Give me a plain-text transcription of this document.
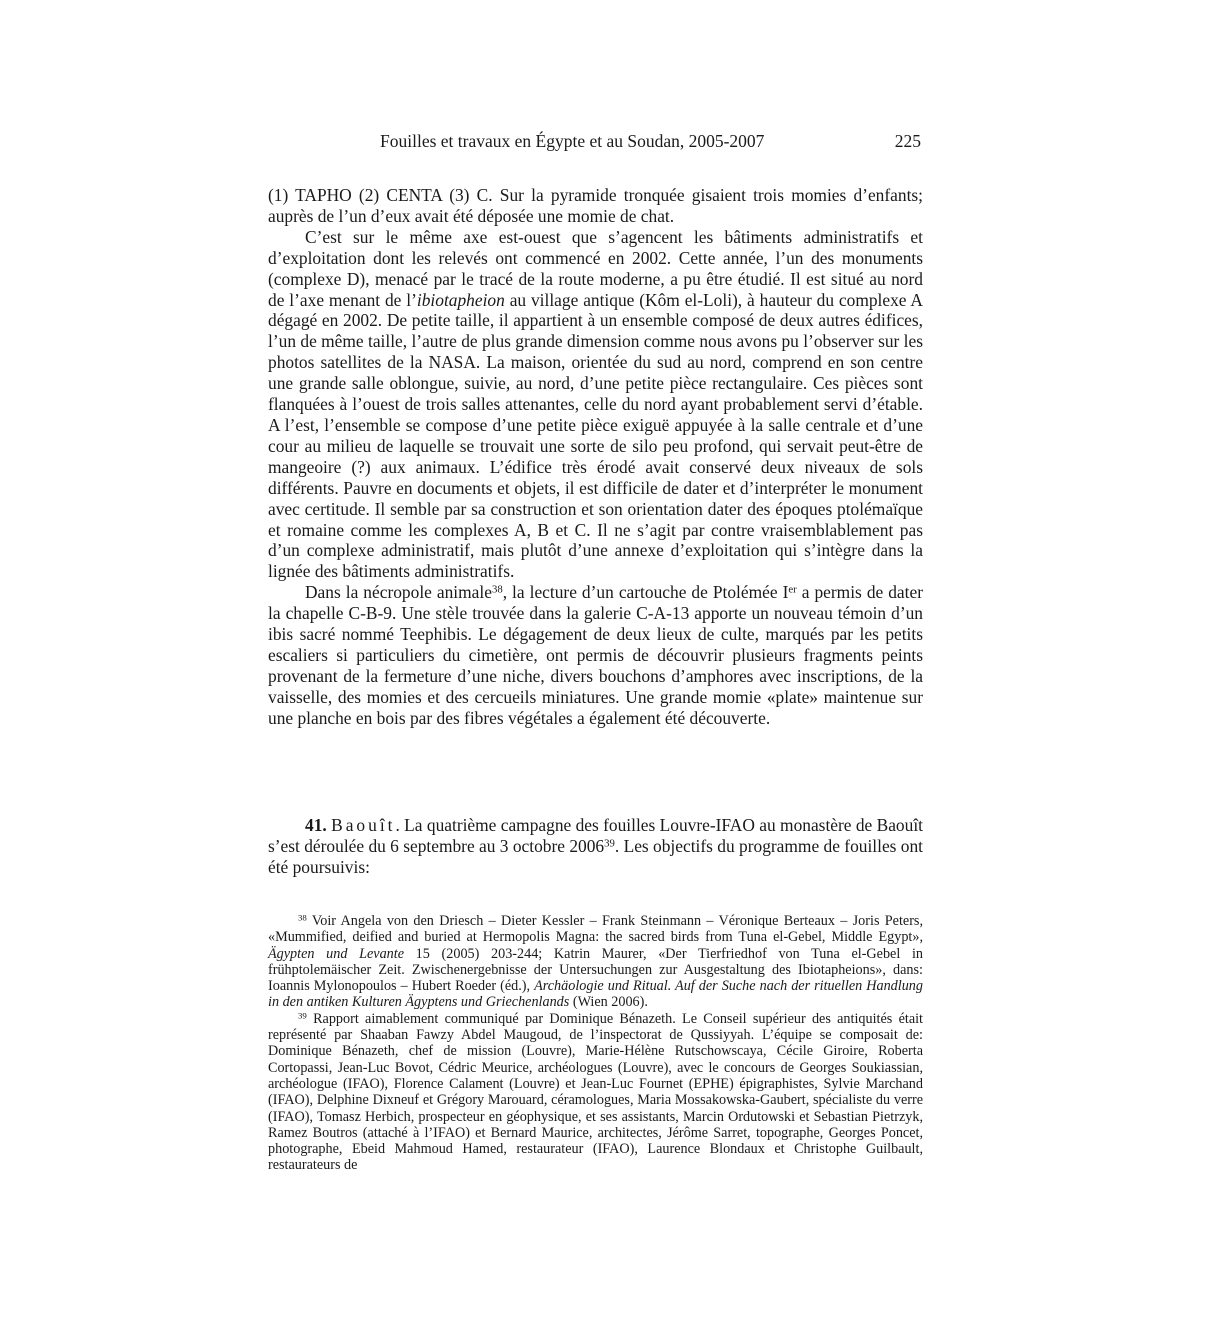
Fouilles et travaux en Égypte et au Soudan, 2005-2007	225

(1) TAPHO (2) CENTA (3) C. Sur la pyramide tronquée gisaient trois momies d’enfants; auprès de l’un d’eux avait été déposée une momie de chat.

C’est sur le même axe est-ouest que s’agencent les bâtiments administratifs et d’exploitation dont les relevés ont commencé en 2002. Cette année, l’un des monuments (complexe D), menacé par le tracé de la route moderne, a pu être étudié. Il est situé au nord de l’axe menant de l’ibiotapheion au village antique (Kôm el-Loli), à hauteur du complexe A dégagé en 2002. De petite taille, il appartient à un ensemble composé de deux autres édifices, l’un de même taille, l’autre de plus grande dimension comme nous avons pu l’observer sur les photos satellites de la NASA. La maison, orientée du sud au nord, comprend en son centre une grande salle oblongue, suivie, au nord, d’une petite pièce rectangulaire. Ces pièces sont flanquées à l’ouest de trois salles attenantes, celle du nord ayant probablement servi d’étable. A l’est, l’ensemble se compose d’une petite pièce exiguë appuyée à la salle centrale et d’une cour au milieu de laquelle se trouvait une sorte de silo peu profond, qui servait peut-être de mangeoire (?) aux animaux. L’édifice très érodé avait conservé deux niveaux de sols différents. Pauvre en documents et objets, il est difficile de dater et d’interpréter le monument avec certitude. Il semble par sa construction et son orientation dater des époques ptolémaïque et romaine comme les complexes A, B et C. Il ne s’agit par contre vraisemblablement pas d’un complexe administratif, mais plutôt d’une annexe d’exploitation qui s’intègre dans la lignée des bâtiments administratifs.

Dans la nécropole animale$^{38}$, la lecture d’un cartouche de Ptolémée Ier a permis de dater la chapelle C-B-9. Une stèle trouvée dans la galerie C-A-13 apporte un nouveau témoin d’un ibis sacré nommé Teephibis. Le dégagement de deux lieux de culte, marqués par les petits escaliers si particuliers du cimetière, ont permis de découvrir plusieurs fragments peints provenant de la fermeture d’une niche, divers bouchons d’amphores avec inscriptions, de la vaisselle, des momies et des cercueils miniatures. Une grande momie «plate» maintenue sur une planche en bois par des fibres végétales a également été découverte.

41. Baouît. La quatrième campagne des fouilles Louvre-IFAO au monastère de Baouît s’est déroulée du 6 septembre au 3 octobre 2006$^{39}$. Les objectifs du programme de fouilles ont été poursuivis:

$^{38}$ Voir Angela von den Driesch – Dieter Kessler – Frank Steinmann – Véronique Berteaux – Joris Peters, «Mummified, deified and buried at Hermopolis Magna: the sacred birds from Tuna el-Gebel, Middle Egypt», Ägypten und Levante 15 (2005) 203-244; Katrin Maurer, «Der Tierfriedhof von Tuna el-Gebel in frühptolemäischer Zeit. Zwischenergebnisse der Untersuchungen zur Ausgestaltung des Ibiotapheions», dans: Ioannis Mylonopoulos – Hubert Roeder (éd.), Archäologie und Ritual. Auf der Suche nach der rituellen Handlung in den antiken Kulturen Ägyptens und Griechenlands (Wien 2006).

$^{39}$ Rapport aimablement communiqué par Dominique Bénazeth. Le Conseil supérieur des antiquités était représenté par Shaaban Fawzy Abdel Maugoud, de l’inspectorat de Qussiyyah. L’équipe se composait de: Dominique Bénazeth, chef de mission (Louvre), Marie-Hélène Rutschowscaya, Cécile Giroire, Roberta Cortopassi, Jean-Luc Bovot, Cédric Meurice, archéologues (Louvre), avec le concours de Georges Soukiassian, archéologue (IFAO), Florence Calament (Louvre) et Jean-Luc Fournet (EPHE) épigraphistes, Sylvie Marchand (IFAO), Delphine Dixneuf et Grégory Marouard, céramologues, Maria Mossakowska-Gaubert, spécialiste du verre (IFAO), Tomasz Herbich, prospecteur en géophysique, et ses assistants, Marcin Ordutowski et Sebastian Pietrzyk, Ramez Boutros (attaché à l’IFAO) et Bernard Maurice, architectes, Jérôme Sarret, topographe, Georges Poncet, photographe, Ebeid Mahmoud Hamed, restaurateur (IFAO), Laurence Blondaux et Christophe Guilbault, restaurateurs de
